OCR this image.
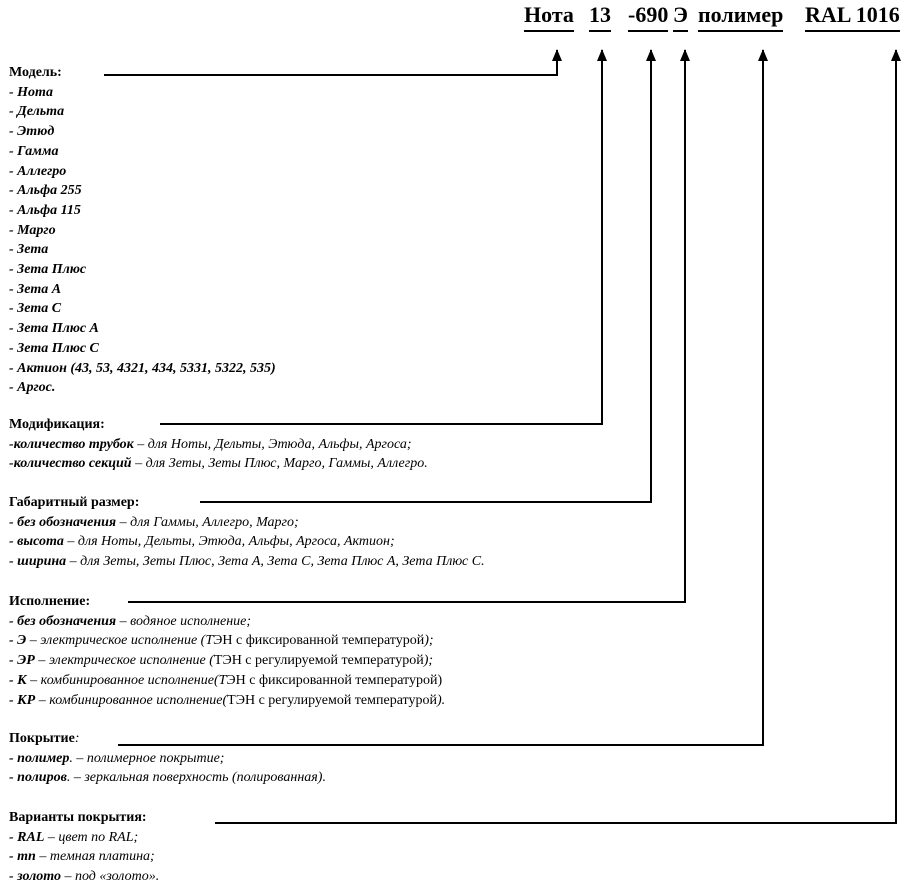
Нота 13 -690 Э полимер RAL 1016
Модель:
- Нота
- Дельта
- Этюд
- Гамма
- Аллегро
- Альфа 255
- Альфа 115
- Марго
- Зета
- Зета Плюс
- Зета А
- Зета С
- Зета Плюс А
- Зета Плюс С
- Актион (43, 53, 4321, 434, 5331, 5322, 535)
- Аргос.
Модификация:
-количество трубок – для Ноты, Дельты, Этюда, Альфы, Аргоса;
-количество секций – для Зеты, Зеты Плюс, Марго, Гаммы, Аллегро.
Габаритный размер:
- без обозначения – для Гаммы, Аллегро, Марго;
- высота – для Ноты, Дельты, Этюда, Альфы, Аргоса, Актион;
- ширина – для Зеты, Зеты Плюс, Зета А, Зета С, Зета Плюс А, Зета Плюс С.
Исполнение:
- без обозначения – водяное исполнение;
- Э – электрическое исполнение (ТЭН с фиксированной температурой);
- ЭР – электрическое исполнение (ТЭН с регулируемой температурой);
- К – комбинированное исполнение(ТЭН с фиксированной температурой)
- КР – комбинированное исполнение(ТЭН с регулируемой температурой).
Покрытие:
- полимер. – полимерное покрытие;
- полиров. – зеркальная поверхность (полированная).
Варианты покрытия:
- RAL – цвет по RAL;
- тп – темная платина;
- золото – под «золото».
